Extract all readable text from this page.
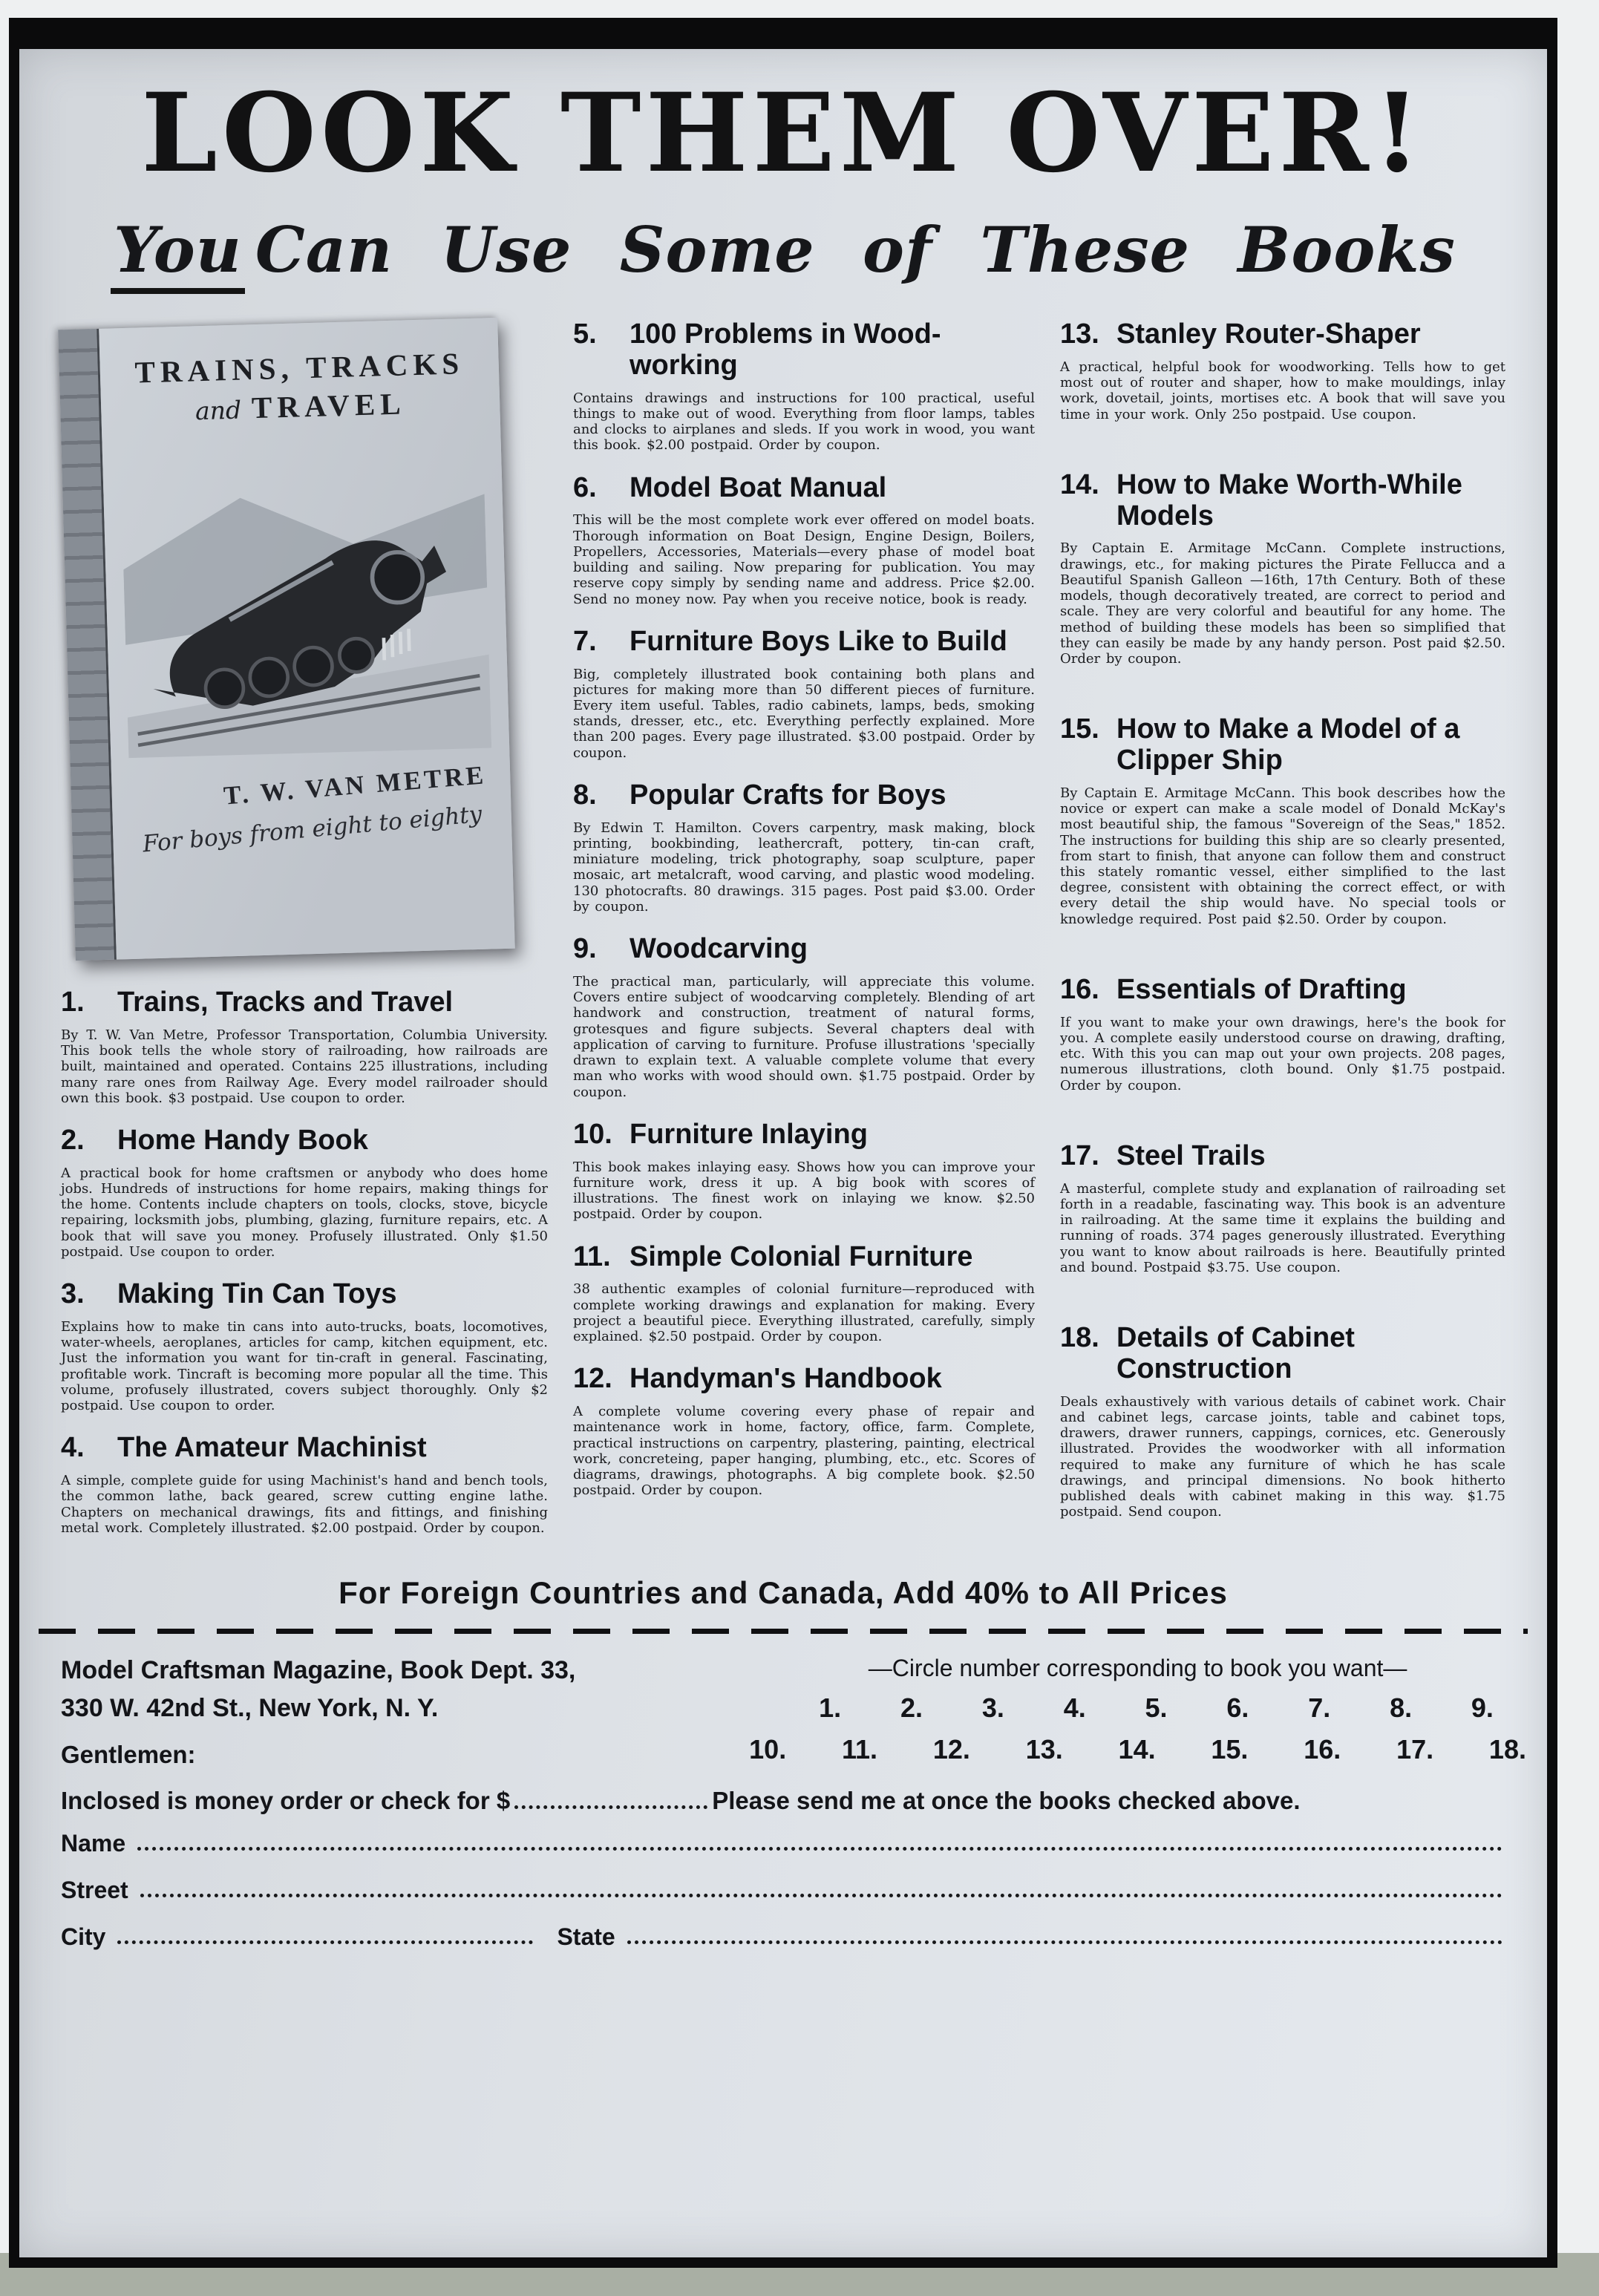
LOOK THEM OVER!
You Can Use Some of These Books
TRAINS, TRACKS
and TRAVEL
T. W. VAN METRE
For boys from eight to eighty
1. Trains, Tracks and Travel

By T. W. Van Metre, Professor Transportation, Columbia University. This book tells the whole story of railroading, how railroads are built, maintained and operated. Contains 225 illustrations, including many rare ones from Railway Age. Every model railroader should own this book. $3 postpaid. Use coupon to order.

2. Home Handy Book

A practical book for home craftsmen or anybody who does home jobs. Hundreds of instructions for home repairs, making things for the home. Contents include chapters on tools, clocks, stove, bicycle repairing, locksmith jobs, plumbing, glazing, furniture repairs, etc. A book that will save you money. Profusely illustrated. Only $1.50 postpaid. Use coupon to order.

3. Making Tin Can Toys

Explains how to make tin cans into auto-trucks, boats, locomotives, water-wheels, aeroplanes, articles for camp, kitchen equipment, etc. Just the information you want for tin-craft in general. Fascinating, profitable work. Tincraft is becoming more popular all the time. This volume, profusely illustrated, covers subject thoroughly. Only $2 postpaid. Use coupon to order.

4. The Amateur Machinist

A simple, complete guide for using Machinist's hand and bench tools, the common lathe, back geared, screw cutting engine lathe. Chapters on mechanical drawings, fits and fittings, and finishing metal work. Completely illustrated. $2.00 postpaid. Order by coupon.

5. 100 Problems in Wood-working

Contains drawings and instructions for 100 practical, useful things to make out of wood. Everything from floor lamps, tables and clocks to airplanes and sleds. If you work in wood, you want this book. $2.00 postpaid. Order by coupon.

6. Model Boat Manual

This will be the most complete work ever offered on model boats. Thorough information on Boat Design, Engine Design, Boilers, Propellers, Accessories, Materials—every phase of model boat building and sailing. Now preparing for publication. You may reserve copy simply by sending name and address. Price $2.00. Send no money now. Pay when you receive notice, book is ready.

7. Furniture Boys Like to Build

Big, completely illustrated book containing both plans and pictures for making more than 50 different pieces of furniture. Every item useful. Tables, radio cabinets, lamps, beds, smoking stands, dresser, etc., etc. Everything perfectly explained. More than 200 pages. Every page illustrated. $3.00 postpaid. Order by coupon.

8. Popular Crafts for Boys

By Edwin T. Hamilton. Covers carpentry, mask making, block printing, bookbinding, leathercraft, pottery, tin-can craft, miniature modeling, trick photography, soap sculpture, paper mosaic, art metalcraft, wood carving, and plastic wood modeling. 130 photocrafts. 80 drawings. 315 pages. Post paid $3.00. Order by coupon.

9. Woodcarving

The practical man, particularly, will appreciate this volume. Covers entire subject of woodcarving completely. Blending of art handwork and construction, treatment of natural forms, grotesques and figure subjects. Several chapters deal with application of carving to furniture. Profuse illustrations 'specially drawn to explain text. A valuable complete volume that every man who works with wood should own. $1.75 postpaid. Order by coupon.

10. Furniture Inlaying

This book makes inlaying easy. Shows how you can improve your furniture work, dress it up. A big book with scores of illustrations. The finest work on inlaying we know. $2.50 postpaid. Order by coupon.

11. Simple Colonial Furniture

38 authentic examples of colonial furniture—reproduced with complete working drawings and explanation for making. Every project a beautiful piece. Everything illustrated, carefully, simply explained. $2.50 postpaid. Order by coupon.

12. Handyman's Handbook

A complete volume covering every phase of repair and maintenance work in home, factory, office, farm. Complete, practical instructions on carpentry, plastering, painting, electrical work, concreteing, paper hanging, plumbing, etc., etc. Scores of diagrams, drawings, photographs. A big complete book. $2.50 postpaid. Order by coupon.

13. Stanley Router-Shaper

A practical, helpful book for woodworking. Tells how to get most out of router and shaper, how to make mouldings, inlay work, dovetail, joints, mortises etc. A book that will save you time in your work. Only 25o postpaid. Use coupon.

14. How to Make Worth-While Models

By Captain E. Armitage McCann. Complete instructions, drawings, etc., for making pictures the Pirate Fellucca and a Beautiful Spanish Galleon —16th, 17th Century. Both of these models, though decoratively treated, are correct to period and scale. They are very colorful and beautiful for any home. The method of building these models has been so simplified that they can easily be made by any handy person. Post paid $2.50. Order by coupon.

15. How to Make a Model of a Clipper Ship

By Captain E. Armitage McCann. This book describes how the novice or expert can make a scale model of Donald McKay's most beautiful ship, the famous "Sovereign of the Seas," 1852. The instructions for building this ship are so clearly presented, from start to finish, that anyone can follow them and construct this stately romantic vessel, either simplified to the last degree, consistent with obtaining the correct effect, or with every detail the ship would have. No special tools or knowledge required. Post paid $2.50. Order by coupon.

16. Essentials of Drafting

If you want to make your own drawings, here's the book for you. A complete easily understood course on drawing, drafting, etc. With this you can map out your own projects. 208 pages, numerous illustrations, cloth bound. Only $1.75 postpaid. Order by coupon.

17. Steel Trails

A masterful, complete study and explanation of railroading set forth in a readable, fascinating way. This book is an adventure in railroading. At the same time it explains the building and running of roads. 374 pages generously illustrated. Everything you want to know about railroads is here. Beautifully printed and bound. Postpaid $3.75. Use coupon.

18. Details of Cabinet Construction

Deals exhaustively with various details of cabinet work. Chair and cabinet legs, carcase joints, table and cabinet tops, drawers, drawer runners, cappings, cornices, etc. Generously illustrated. Provides the woodworker with all information required to make any furniture of which he has scale drawings, and principal dimensions. No book hitherto published deals with cabinet making in this way. $1.75 postpaid. Send coupon.

For Foreign Countries and Canada, Add 40% to All Prices
Model Craftsman Magazine, Book Dept. 33,
330 W. 42nd St., New York, N. Y.
Gentlemen:
—Circle number corresponding to book you want—
1. 2. 3. 4. 5. 6. 7. 8. 9.
10. 11. 12. 13. 14. 15. 16. 17. 18.
Inclosed is money order or check for $	Please send me at once the books checked above.
Name
Street
City	State
